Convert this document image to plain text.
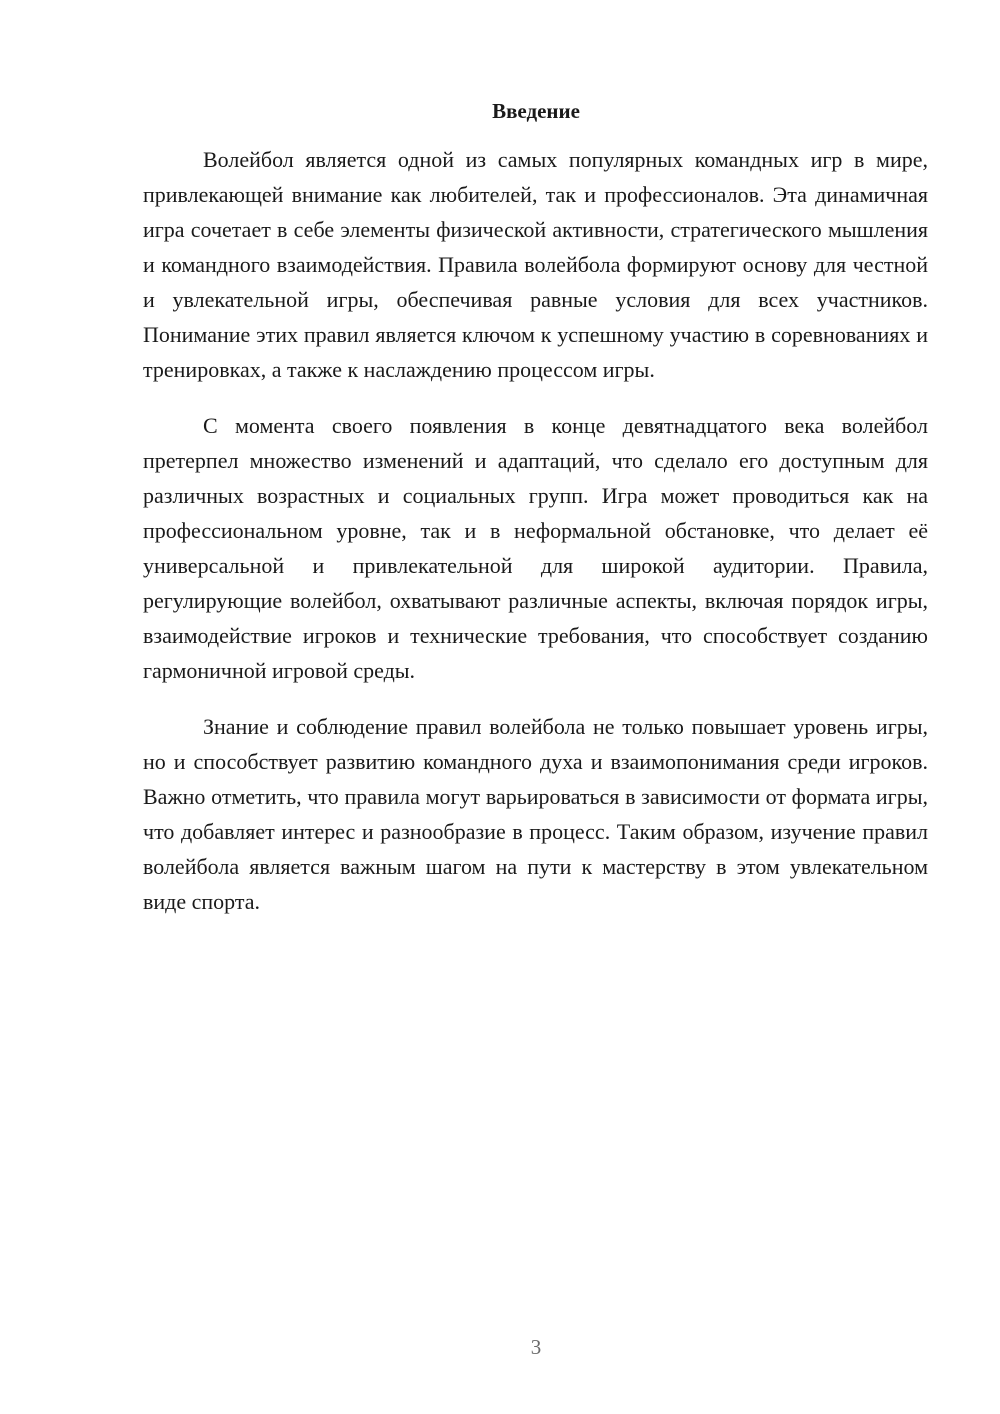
Введение

Волейбол является одной из самых популярных командных игр в мире, привлекающей внимание как любителей, так и профессионалов. Эта динамичная игра сочетает в себе элементы физической активности, стратегического мышления и командного взаимодействия. Правила волейбола формируют основу для честной и увлекательной игры, обеспечивая равные условия для всех участников. Понимание этих правил является ключом к успешному участию в соревнованиях и тренировках, а также к наслаждению процессом игры.

С момента своего появления в конце девятнадцатого века волейбол претерпел множество изменений и адаптаций, что сделало его доступным для различных возрастных и социальных групп. Игра может проводиться как на профессиональном уровне, так и в неформальной обстановке, что делает её универсальной и привлекательной для широкой аудитории. Правила, регулирующие волейбол, охватывают различные аспекты, включая порядок игры, взаимодействие игроков и технические требования, что способствует созданию гармоничной игровой среды.

Знание и соблюдение правил волейбола не только повышает уровень игры, но и способствует развитию командного духа и взаимопонимания среди игроков. Важно отметить, что правила могут варьироваться в зависимости от формата игры, что добавляет интерес и разнообразие в процесс. Таким образом, изучение правил волейбола является важным шагом на пути к мастерству в этом увлекательном виде спорта.

3
